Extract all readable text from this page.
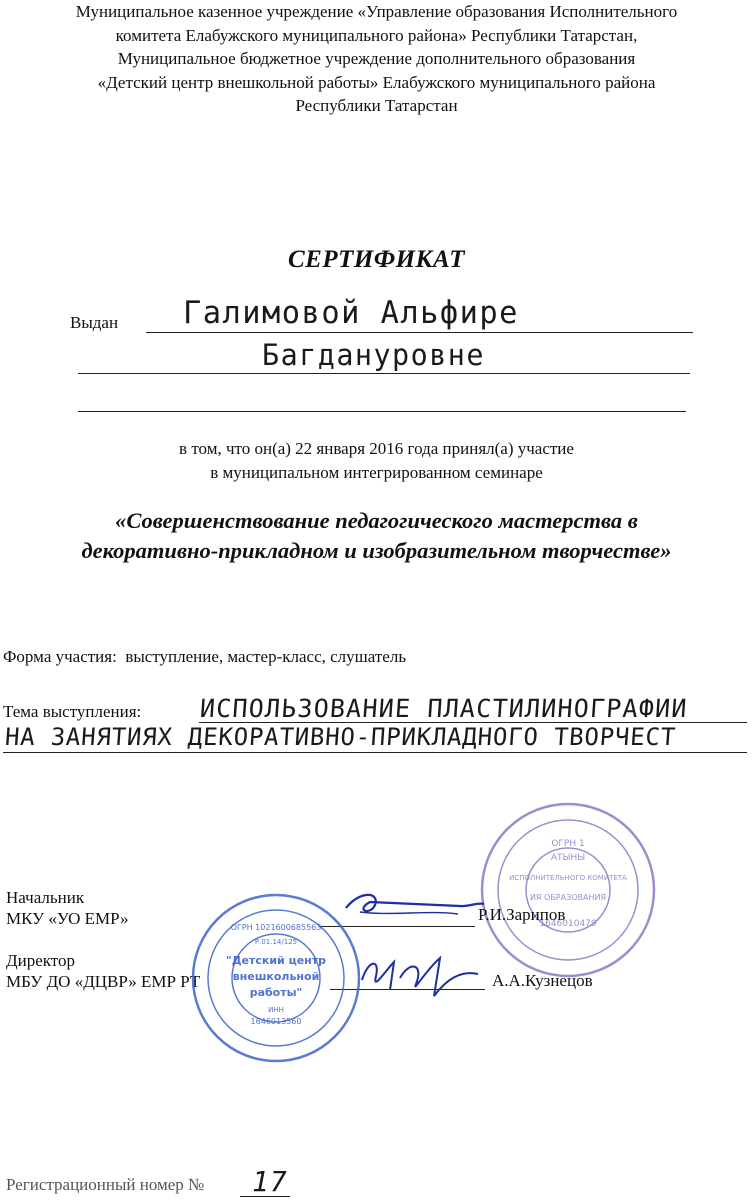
Муниципальное казенное учреждение «Управление образования Исполнительного
комитета Елабужского муниципального района» Республики Татарстан,
Муниципальное бюджетное учреждение дополнительного образования
«Детский центр внешкольной работы» Елабужского муниципального района
Республики Татарстан
СЕРТИФИКАТ
Выдан Галимовой Альфире
Багдануровне
в том, что он(а) 22 января 2016 года принял(а) участие
в муниципальном интегрированном семинаре
«Совершенствование педагогического мастерства в
декоративно-прикладном и изобразительном творчестве»
Форма участия: выступление, мастер-класс, слушатель
Тема выступления: ИСПОЛЬЗОВАНИЕ ПЛАСТИЛИНОГРАФИИ
НА ЗАНЯТИЯХ ДЕКОРАТИВНО-ПРИКЛАДНОГО ТВОРЧЕСТ
ОГРН 1
АТЫНЫ
ИСПОЛНИТЕЛЬНОГО КОМИТЕТА
ИЯ ОБРАЗОВАНИЯ
1646010479
Начальник
МКУ «УО ЕМР»	Р.И.Зарипов
Директор
МБУ ДО «ДЦВР» ЕМР РТ	А.А.Кузнецов
ОГРН 1021600685563
Р.01.14/125
"Детский центр
внешкольной
работы"
ИНН
1646013560
Регистрационный номер № 17
